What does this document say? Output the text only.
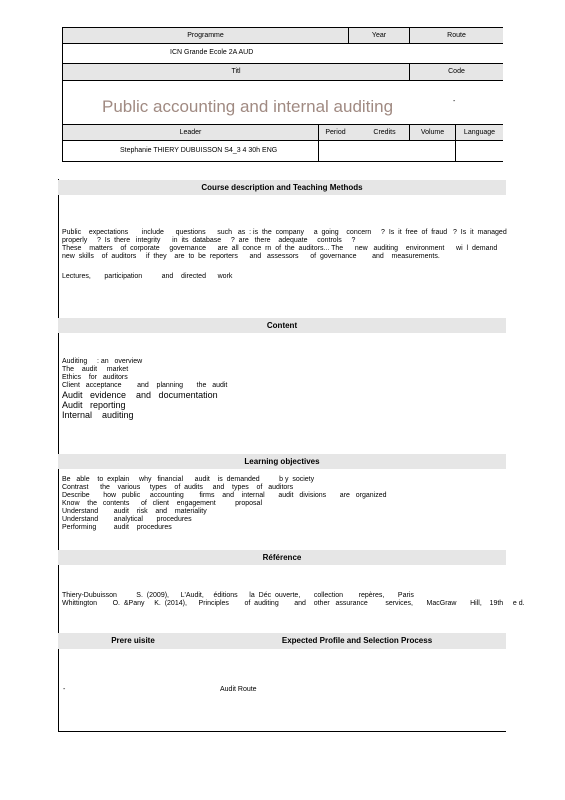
Programme	Year	Route
ICN Grande Ecole 2A AUD
Titl	Code
Public accounting and internal auditing	-
Leader	Period	Credits	Volume	Language
Stephanie THIERY DUBUISSON S4_3 4 30h ENG
Course description and Teaching Methods
Public    expectations       include      questions      such   as  : is  the  company     a  going    concern     ?  Is  it  free  of  fraud   ?  Is  it  managed
properly     ?  Is  there   integrity      in  its  database     ?  are   there    adequate     controls     ?
These    matters    of  corporate     governance      are  all  conce  rn  of  the  auditors... The      new   auditing    environment      wi  l  demand
new  skills    of  auditors     if  they    are  to  be  reporters      and   assessors      of  governance        and    measurements.
Lectures,       participation          and    directed      work
Content
Auditing     : an   overview
The    audit     market
Ethics    for   auditors
Client   acceptance        and    planning       the   audit
Audit   evidence    and   documentation
Audit   reporting
Internal    auditing
Learning objectives
Be   able    to  explain     why   financial      audit    is  demanded          b y  society
Contrast      the    various     types    of  audits     and    types    of   auditors
Describe       how   public     accounting        firms    and    internal       audit   divisions       are   organized
Know    the   contents      of   client    engagement          proposal
Understand        audit    risk    and    materiality
Understand        analytical       procedures
Performing         audit    procedures
Référence
Thiery-Dubuisson          S.  (2009),      L'Audit,     éditions      la  Déc  ouverte,       collection        repères,       Paris
Whittington        O.  &Pany     K.  (2014),      Principles        of  auditing        and    other   assurance         services,       MacGraw       Hill,    19th     e d.
Prere uisite	Expected Profile and Selection Process
-	Audit Route
